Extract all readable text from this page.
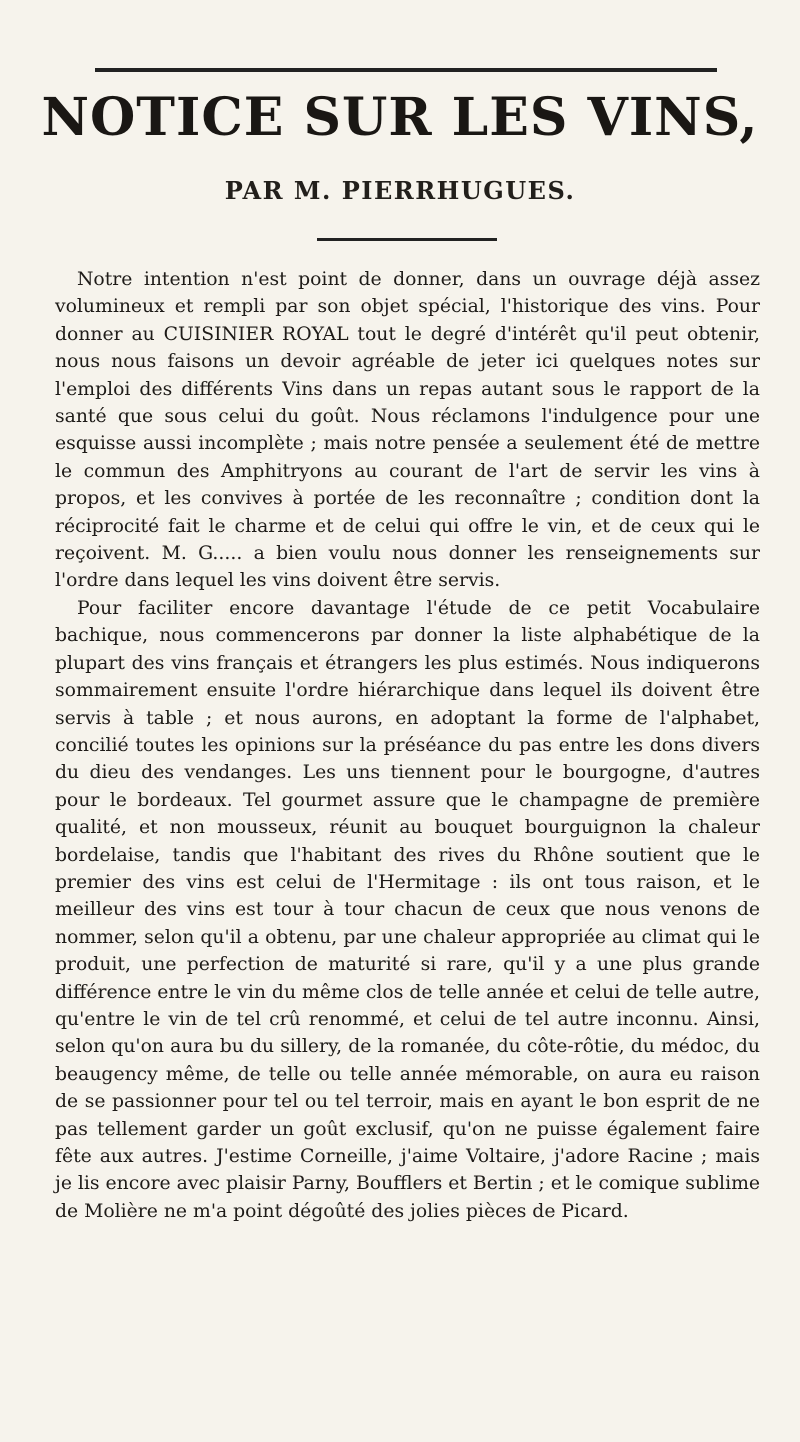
NOTICE SUR LES VINS,
PAR M. PIERRHUGUES.

Notre intention n'est point de donner, dans un ouvrage déjà assez volumineux et rempli par son objet spécial, l'historique des vins. Pour donner au CUISINIER ROYAL tout le degré d'intérêt qu'il peut obtenir, nous nous faisons un devoir agréable de jeter ici quelques notes sur l'emploi des différents Vins dans un repas autant sous le rapport de la santé que sous celui du goût. Nous réclamons l'indulgence pour une esquisse aussi incomplète ; mais notre pensée a seulement été de mettre le commun des Amphitryons au courant de l'art de servir les vins à propos, et les convives à portée de les reconnaître ; condition dont la réciprocité fait le charme et de celui qui offre le vin, et de ceux qui le reçoivent. M. G..... a bien voulu nous donner les renseignements sur l'ordre dans lequel les vins doivent être servis.

Pour faciliter encore davantage l'étude de ce petit Vocabulaire bachique, nous commencerons par donner la liste alphabétique de la plupart des vins français et étrangers les plus estimés. Nous indiquerons sommairement ensuite l'ordre hiérarchique dans lequel ils doivent être servis à table ; et nous aurons, en adoptant la forme de l'alphabet, concilié toutes les opinions sur la préséance du pas entre les dons divers du dieu des vendanges. Les uns tiennent pour le bourgogne, d'autres pour le bordeaux. Tel gourmet assure que le champagne de première qualité, et non mousseux, réunit au bouquet bourguignon la chaleur bordelaise, tandis que l'habitant des rives du Rhône soutient que le premier des vins est celui de l'Hermitage : ils ont tous raison, et le meilleur des vins est tour à tour chacun de ceux que nous venons de nommer, selon qu'il a obtenu, par une chaleur appropriée au climat qui le produit, une perfection de maturité si rare, qu'il y a une plus grande différence entre le vin du même clos de telle année et celui de telle autre, qu'entre le vin de tel crû renommé, et celui de tel autre inconnu. Ainsi, selon qu'on aura bu du sillery, de la romanée, du côte-rôtie, du médoc, du beaugency même, de telle ou telle année mémorable, on aura eu raison de se passionner pour tel ou tel terroir, mais en ayant le bon esprit de ne pas tellement garder un goût exclusif, qu'on ne puisse également faire fête aux autres. J'estime Corneille, j'aime Voltaire, j'adore Racine ; mais je lis encore avec plaisir Parny, Boufflers et Bertin ; et le comique sublime de Molière ne m'a point dégoûté des jolies pièces de Picard.
